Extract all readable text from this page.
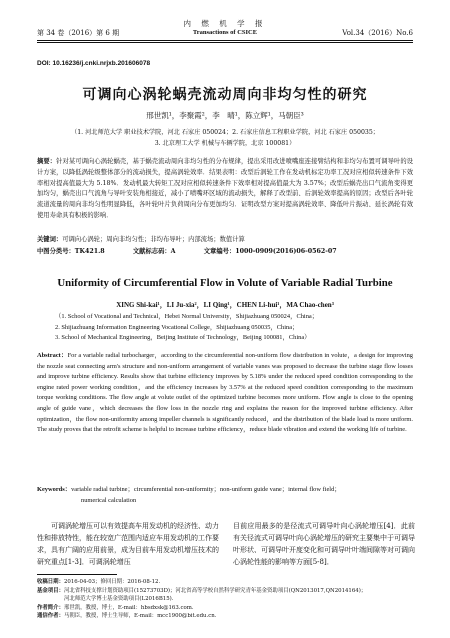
第 34 卷（2016）第 6 期
内 燃 机 学 报
Transactions of CSICE	Vol.34（2016）No.6
DOI: 10.16236/j.cnki.nrjxb.201606078
可调向心涡轮蜗壳流动周向非均匀性的研究
邢世凯¹，李聚霞²，李　晴¹，陈立辉¹，马朝臣³
（1. 河北师范大学 职业技术学院，河北 石家庄 050024；2. 石家庄信息工程职业学院，河北 石家庄 050035；
3. 北京理工大学 机械与车辆学院，北京 100081）
摘要：针对某可调向心涡轮蜗壳，基于蜗壳流动周向非均匀性的分布规律，提出采用改进喷嘴座连接臂结构和非均匀布置可调导叶的设计方案，以降低涡轮级整体部分的流动损失，提高涡轮效率．结果表明：改型后涡轮工作在发动机标定功率工况对应相似转速条件下效率相对提高值最大为 5.18%．发动机最大转矩工况对应相似转速条件下效率相对提高值最大为 3.57%；改型后蜗壳出口气流角变得更加均匀，蜗壳出口气流角与导叶安装角相接近，减小了喷嘴环区域的流动损失，解释了改型前、后涡轮效率提高的原因；改型后各叶轮流道流量的周向非均匀性明显降低，各叶轮叶片负荷周向分布更加均匀．证明改型方案对提高涡轮效率、降低叶片振动、延长涡轮有效使用寿命具有积极的影响．
关键词：可调向心涡轮；周向非均匀性；非均布导叶；内部流场；数值计算
中图分类号：TK421.8	文献标志码：A	文章编号：1000-0909(2016)06-0562-07
Uniformity of Circumferential Flow in Volute of Variable Radial Turbine
XING Shi-kai¹，LI Ju-xia²，LI Qing¹，CHEN Li-hui¹，MA Chao-chen³
（1. School of Vocational and Technical，Hebei Normal University，Shijiazhuang 050024，China；
2. Shijiazhuang Information Engineering Vocational College，Shijiazhuang 050035，China；
3. School of Mechanical Engineering，Beijing Institute of Technology，Beijing 100081，China）
Abstract：For a variable radial turbocharger，according to the circumferential non-uniform flow distribution in volute，a design for improving the nozzle seat connecting arm's structure and non-uniform arrangement of variable vanes was proposed to decrease the turbine stage flow losses and improve turbine efficiency. Results show that turbine efficiency improves by 5.18% under the reduced speed condition corresponding to the engine rated power working condition，and the efficiency increases by 3.57% at the reduced speed condition corresponding to the maximum torque working conditions. The flow angle at volute outlet of the optimized turbine becomes more uniform. Flow angle is close to the opening angle of guide vane，which decreases the flow loss in the nozzle ring and explains the reason for the improved turbine efficiency. After optimization，the flow non-uniformity among impeller channels is significantly reduced，and the distribution of the blade load is more uniform. The study proves that the retrofit scheme is helpful to increase turbine efficiency，reduce blade vibration and extend the working life of turbine.
Keywords：variable radial turbine；circumferential non-uniformity；non-uniform guide vane；internal flow field；
numerical calculation
可调涡轮增压可以有效提高车用发动机的经济性、动力性和排放特性，能在较宽广范围内适应车用发动机的工作要求，具有广阔的应用前景，成为目前车用发动机增压技术的研究重点[1-3]．可调涡轮增压
目前应用最多的是径流式可调导叶向心涡轮增压[4]．此前有关径流式可调导叶向心涡轮增压的研究主要集中于可调导叶形状、可调导叶开度变化和可调导叶叶端间隙等对可调向心涡轮性能的影响等方面[5-8]．
收稿日期：2016-04-03；修回日期：2016-08-12．
基金项目：河北省科技支撑计划资助项目(15273703D)；河北省高等学校自然科学研究青年基金资助项目(QN2013017,QN2014164)；
　　　　　河北师范大学博士基金资助项目(L2016B15)．
作者简介：邢世凯，教授，博士，E-mail：hbsdxsk@163.com．
通信作者：马朝臣，教授，博士生导师，E-mail：mcc1900@bit.edu.cn．
